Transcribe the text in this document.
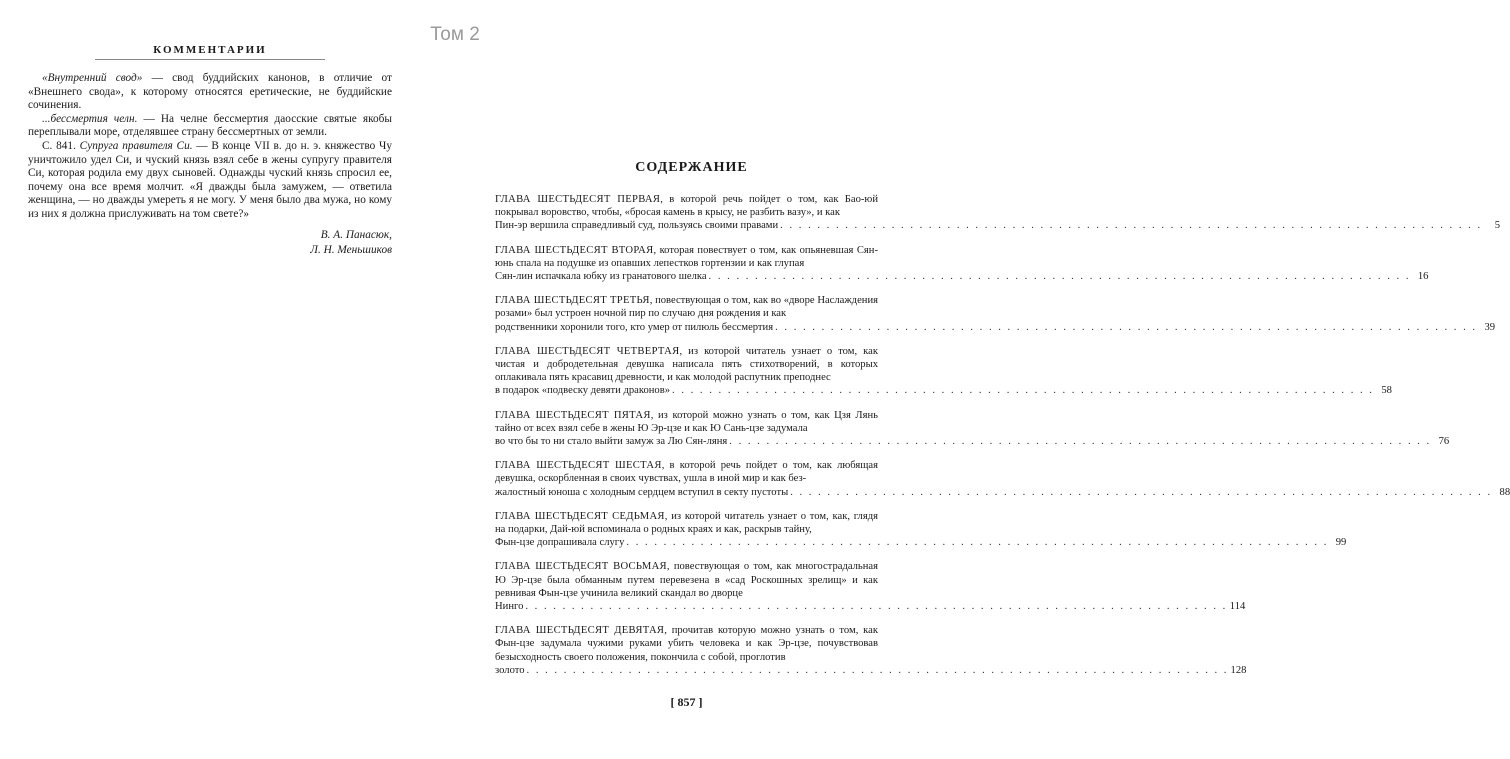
Том 2
КОММЕНТАРИИ

«Внутренний свод» — свод буддийских канонов, в отличие от «Внешнего свода», к которому относятся еретические, не буддийские сочинения.

...бессмертия челн. — На челне бессмертия даосские святые якобы переплывали море, отделявшее страну бессмертных от земли.

С. 841. Супруга правителя Си. — В конце VII в. до н. э. княжество Чу уничтожило удел Си, и чуский князь взял себе в жены супругу правителя Си, которая родила ему двух сыновей. Однажды чуский князь спросил ее, почему она все время молчит. «Я дважды была замужем, — ответила женщина, — но дважды умереть я не могу. У меня было два мужа, но кому из них я должна прислуживать на том свете?»

В. А. Панасюк,
Л. Н. Меньшиков
СОДЕРЖАНИЕ
ГЛАВА ШЕСТЬДЕСЯТ ПЕРВАЯ, в которой речь пойдет о том, как Бао-юй покрывал воровство, чтобы, «бросая камень в крысу, не разбить вазу», и как
Пин-эр вершила справедливый суд, пользуясь своими правами . . . . . . . . . . . . . . . . . . . . . . . . . . . . . . . . . . . . . . . . . . . . . . . . . . . . . . . . . . . . . . . . . . . . . . . . . . . .	5
ГЛАВА ШЕСТЬДЕСЯТ ВТОРАЯ, которая повествует о том, как опьяневшая Сян-юнь спала на подушке из опавших лепестков гортензии и как глупая
Сян-лин испачкала юбку из гранатового шелка . . . . . . . . . . . . . . . . . . . . . . . . . . . . . . . . . . . . . . . . . . . . . . . . . . . . . . . . . . . . . . . . . . . . . . . . . . . . 16
ГЛАВА ШЕСТЬДЕСЯТ ТРЕТЬЯ, повествующая о том, как во «дворе Наслаждения розами» был устроен ночной пир по случаю дня рождения и как
родственники хоронили того, кто умер от пилюль бессмертия . . . . . . . . . . . . . . . . . . . . . . . . . . . . . . . . . . . . . . . . . . . . . . . . . . . . . . . . . . . . . . . . . . . . . . . . . . . . 39
ГЛАВА ШЕСТЬДЕСЯТ ЧЕТВЕРТАЯ, из которой читатель узнает о том, как чистая и добродетельная девушка написала пять стихотворений, в которых оплакивала пять красавиц древности, и как молодой распутник преподнес
в подарок «подвеску девяти драконов» . . . . . . . . . . . . . . . . . . . . . . . . . . . . . . . . . . . . . . . . . . . . . . . . . . . . . . . . . . . . . . . . . . . . . . . . . . . . 58
ГЛАВА ШЕСТЬДЕСЯТ ПЯТАЯ, из которой можно узнать о том, как Цзя Лянь тайно от всех взял себе в жены Ю Эр-цзе и как Ю Сань-цзе задумала
во что бы то ни стало выйти замуж за Лю Сян-ляня . . . . . . . . . . . . . . . . . . . . . . . . . . . . . . . . . . . . . . . . . . . . . . . . . . . . . . . . . . . . . . . . . . . . . . . . . . . . 76
ГЛАВА ШЕСТЬДЕСЯТ ШЕСТАЯ, в которой речь пойдет о том, как любящая девушка, оскорбленная в своих чувствах, ушла в иной мир и как без-
жалостный юноша с холодным сердцем вступил в секту пустоты . . . . . . . . . . . . . . . . . . . . . . . . . . . . . . . . . . . . . . . . . . . . . . . . . . . . . . . . . . . . . . . . . . . . . . . . . . . . 88
ГЛАВА ШЕСТЬДЕСЯТ СЕДЬМАЯ, из которой читатель узнает о том, как, глядя на подарки, Дай-юй вспоминала о родных краях и как, раскрыв тайну,
Фын-цзе допрашивала слугу . . . . . . . . . . . . . . . . . . . . . . . . . . . . . . . . . . . . . . . . . . . . . . . . . . . . . . . . . . . . . . . . . . . . . . . . . . . . 99
ГЛАВА ШЕСТЬДЕСЯТ ВОСЬМАЯ, повествующая о том, как многострадальная Ю Эр-цзе была обманным путем перевезена в «сад Роскошных зрелищ» и как ревнивая Фын-цзе учинила великий скандал во дворце
Нинго . . . . . . . . . . . . . . . . . . . . . . . . . . . . . . . . . . . . . . . . . . . . . . . . . . . . . . . . . . . . . . . . . . . . . . . . . . . . 114
ГЛАВА ШЕСТЬДЕСЯТ ДЕВЯТАЯ, прочитав которую можно узнать о том, как Фын-цзе задумала чужими руками убить человека и как Эр-цзе, почувствовав безысходность своего положения, покончила с собой, проглотив
золото . . . . . . . . . . . . . . . . . . . . . . . . . . . . . . . . . . . . . . . . . . . . . . . . . . . . . . . . . . . . . . . . . . . . . . . . . . . . 128
[ 857 ]
